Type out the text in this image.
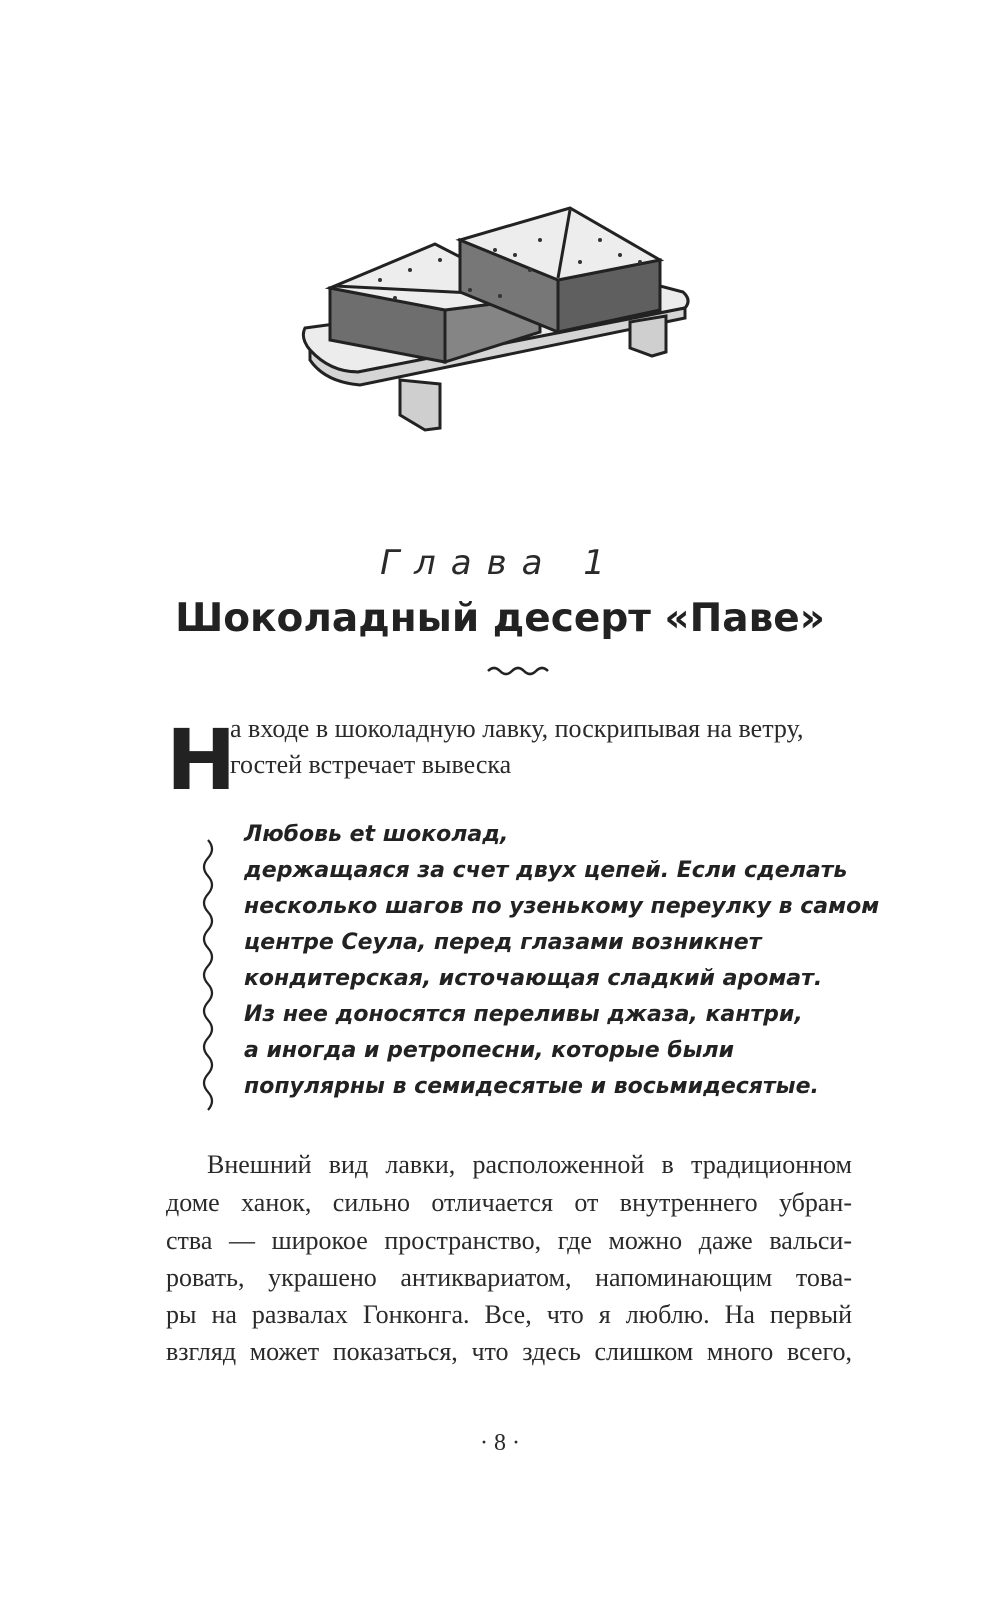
Глава 1
Шоколадный десерт «Паве»
Н
а входе в шоколадную лавку, поскрипывая на ветру,
гостей встречает вывеска
Любовь et шоколад,
держащаяся за счет двух цепей. Если сделать
несколько шагов по узенькому переулку в самом
центре Сеула, перед глазами возникнет
кондитерская, источающая сладкий аромат.
Из нее доносятся переливы джаза, кантри,
а иногда и ретропесни, которые были
популярны в семидесятые и восьмидесятые.
Внешний вид лавки, расположенной в традиционном
доме ханок, сильно отличается от внутреннего убран-
ства — широкое пространство, где можно даже вальси-
ровать, украшено антиквариатом, напоминающим това-
ры на развалах Гонконга. Все, что я люблю. На первый
взгляд может показаться, что здесь слишком много всего,
· 8 ·
